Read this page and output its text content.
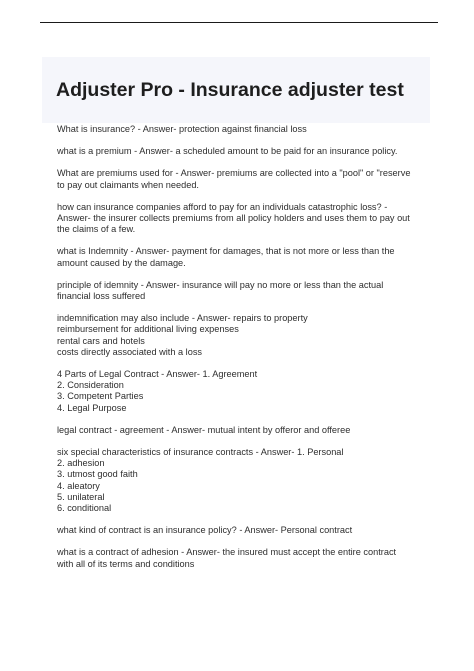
Adjuster Pro - Insurance adjuster test
What is insurance? - Answer- protection against financial loss
what is a premium - Answer- a scheduled amount to be paid for an insurance policy.
What are premiums used for - Answer- premiums are collected into a "pool" or "reserve
to pay out claimants when needed.
how can insurance companies afford to pay for an individuals catastrophic loss? -
Answer- the insurer collects premiums from all policy holders and uses them to pay out
the claims of a few.
what is Indemnity - Answer- payment for damages, that is not more or less than the
amount caused by the damage.
principle of idemnity - Answer- insurance will pay no more or less than the actual
financial loss suffered
indemnification may also include - Answer- repairs to property
reimbursement for additional living expenses
rental cars and hotels
costs directly associated with a loss
4 Parts of Legal Contract - Answer- 1. Agreement
2. Consideration
3. Competent Parties
4. Legal Purpose
legal contract - agreement - Answer- mutual intent by offeror and offeree
six special characteristics of insurance contracts - Answer- 1. Personal
2. adhesion
3. utmost good faith
4. aleatory
5. unilateral
6. conditional
what kind of contract is an insurance policy? - Answer- Personal contract
what is a contract of adhesion - Answer- the insured must accept the entire contract
with all of its terms and conditions
